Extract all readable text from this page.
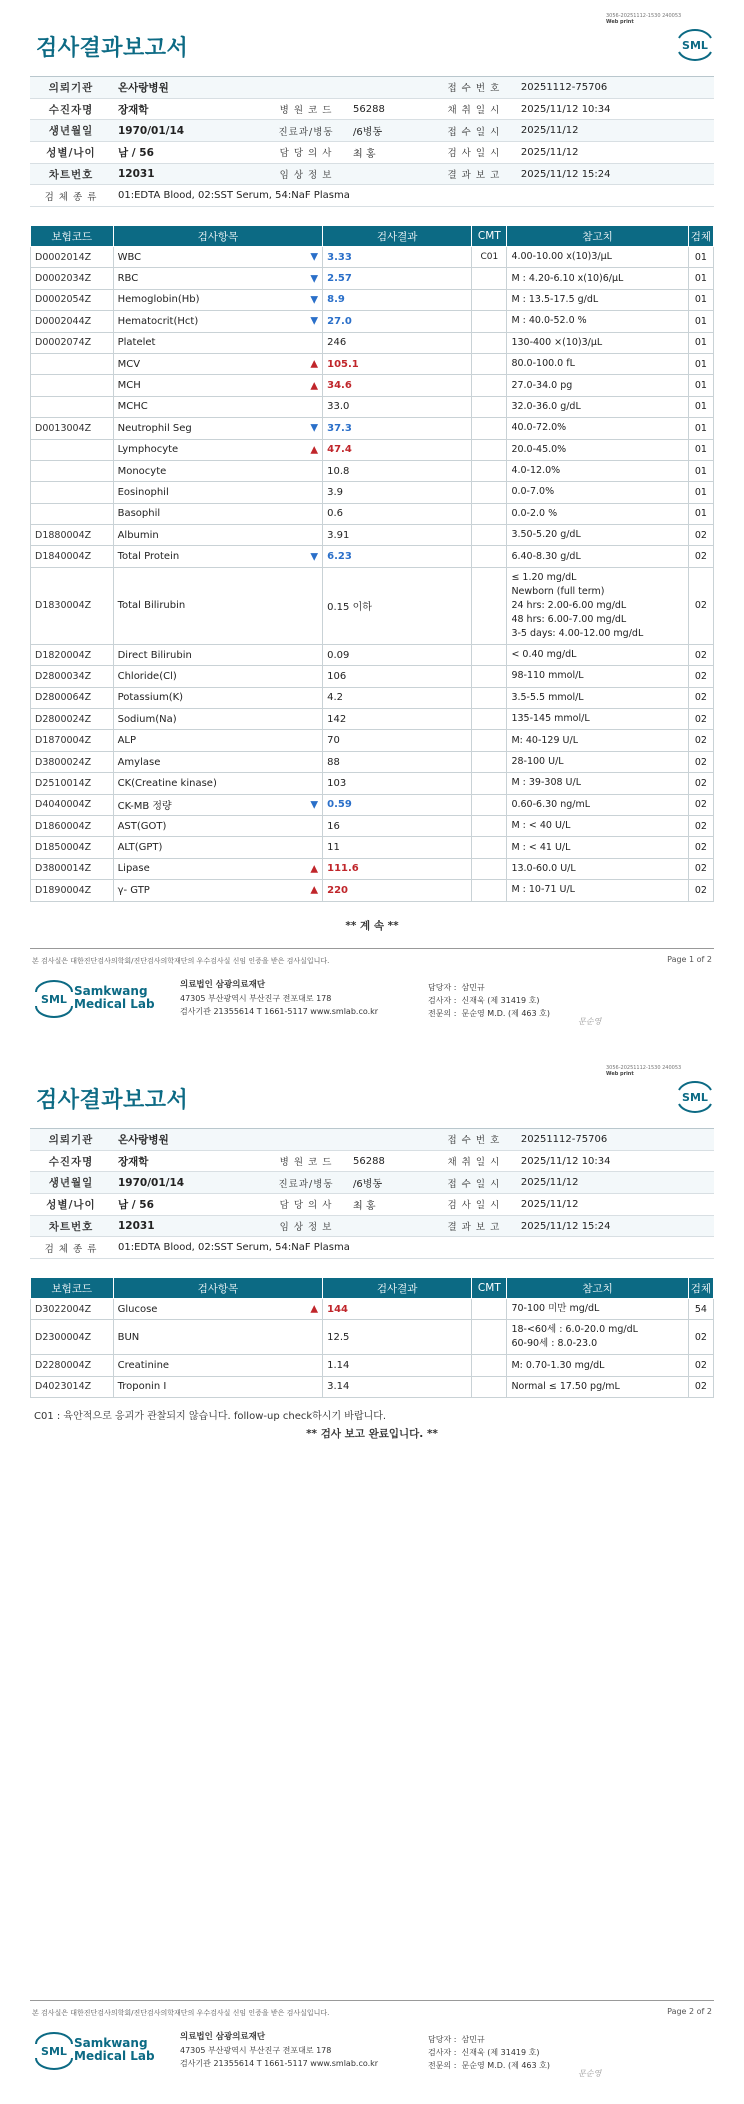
3056-20251112-1530 240053 Web print
검사결과보고서	SML
의뢰기관	온사랑병원			접 수 번 호	20251112-75706
수진자명	장재학	병 원 코 드	56288	채 취 일 시	2025/11/12 10:34
생년월일	1970/01/14	진료과/병동	/6병동	접 수 일 시	2025/11/12
성별/나이	남 / 56	담 당 의 사	최 홍	검 사 일 시	2025/11/12
차트번호	12031	임 상 정 보		결 과 보 고	2025/11/12 15:24
검 체 종 류	01:EDTA Blood, 02:SST Serum, 54:NaF Plasma				
보험코드	검사항목	검사결과	CMT	참고치	검체
D0002014Z	WBC ▼	3.33	C01	4.00-10.00 x(10)3/μL	01
D0002034Z	RBC ▼	2.57		M : 4.20-6.10 x(10)6/μL	01
D0002054Z	Hemoglobin(Hb) ▼	8.9		M : 13.5-17.5 g/dL	01
D0002044Z	Hematocrit(Hct) ▼	27.0		M : 40.0-52.0 %	01
D0002074Z	Platelet	246		130-400 ×(10)3/μL	01
	MCV ▲	105.1		80.0-100.0 fL	01
	MCH ▲	34.6		27.0-34.0 pg	01
	MCHC	33.0		32.0-36.0 g/dL	01
D0013004Z	Neutrophil Seg ▼	37.3		40.0-72.0%	01
	Lymphocyte ▲	47.4		20.0-45.0%	01
	Monocyte	10.8		4.0-12.0%	01
	Eosinophil	3.9		0.0-7.0%	01
	Basophil	0.6		0.0-2.0 %	01
D1880004Z	Albumin	3.91		3.50-5.20 g/dL	02
D1840004Z	Total Protein ▼	6.23		6.40-8.30 g/dL	02
D1830004Z	Total Bilirubin	0.15 이하		≤ 1.20 mg/dL
Newborn (full term)
24 hrs: 2.00-6.00 mg/dL
48 hrs: 6.00-7.00 mg/dL
3-5 days: 4.00-12.00 mg/dL	02
D1820004Z	Direct Bilirubin	0.09		< 0.40 mg/dL	02
D2800034Z	Chloride(Cl)	106		98-110 mmol/L	02
D2800064Z	Potassium(K)	4.2		3.5-5.5 mmol/L	02
D2800024Z	Sodium(Na)	142		135-145 mmol/L	02
D1870004Z	ALP	70		M: 40-129 U/L	02
D3800024Z	Amylase	88		28-100 U/L	02
D2510014Z	CK(Creatine kinase)	103		M : 39-308 U/L	02
D4040004Z	CK-MB 정량 ▼	0.59		0.60-6.30 ng/mL	02
D1860004Z	AST(GOT)	16		M : < 40 U/L	02
D1850004Z	ALT(GPT)	11		M : < 41 U/L	02
D3800014Z	Lipase ▲	111.6		13.0-60.0 U/L	02
D1890004Z	γ- GTP ▲	220		M : 10-71 U/L	02
** 계 속 **
본 검사실은 대한진단검사의학회/진단검사의학재단의 우수검사실 신임 인증을 받은 검사실입니다.	Page 1 of 2
SML
Samkwang
Medical Lab
의료법인 삼광의료재단
47305 부산광역시 부산진구 전포대로 178
검사기관 21355614 T 1661-5117 www.smlab.co.kr
담당자 : 삼민규
검사자 : 신재욱 (제 31419 호)
전문의 : 문순영 M.D. (제 463 호)
문순영
3056-20251112-1530 240053 Web print
검사결과보고서	SML
의뢰기관	온사랑병원			접 수 번 호	20251112-75706
수진자명	장재학	병 원 코 드	56288	채 취 일 시	2025/11/12 10:34
생년월일	1970/01/14	진료과/병동	/6병동	접 수 일 시	2025/11/12
성별/나이	남 / 56	담 당 의 사	최 홍	검 사 일 시	2025/11/12
차트번호	12031	임 상 정 보		결 과 보 고	2025/11/12 15:24
검 체 종 류	01:EDTA Blood, 02:SST Serum, 54:NaF Plasma				
보험코드	검사항목	검사결과	CMT	참고치	검체
D3022004Z	Glucose ▲	144		70-100 미만 mg/dL	54
D2300004Z	BUN	12.5		18-<60세 : 6.0-20.0 mg/dL
60-90세 : 8.0-23.0	02
D2280004Z	Creatinine	1.14		M: 0.70-1.30 mg/dL	02
D4023014Z	Troponin I	3.14		Normal ≤ 17.50 pg/mL	02
C01 : 육안적으로 응괴가 관찰되지 않습니다. follow-up check하시기 바랍니다.
** 검사 보고 완료입니다. **
본 검사실은 대한진단검사의학회/진단검사의학재단의 우수검사실 신임 인증을 받은 검사실입니다.	Page 2 of 2
SML
Samkwang
Medical Lab
의료법인 삼광의료재단
47305 부산광역시 부산진구 전포대로 178
검사기관 21355614 T 1661-5117 www.smlab.co.kr
담당자 : 삼민규
검사자 : 신재욱 (제 31419 호)
전문의 : 문순영 M.D. (제 463 호)
문순영
